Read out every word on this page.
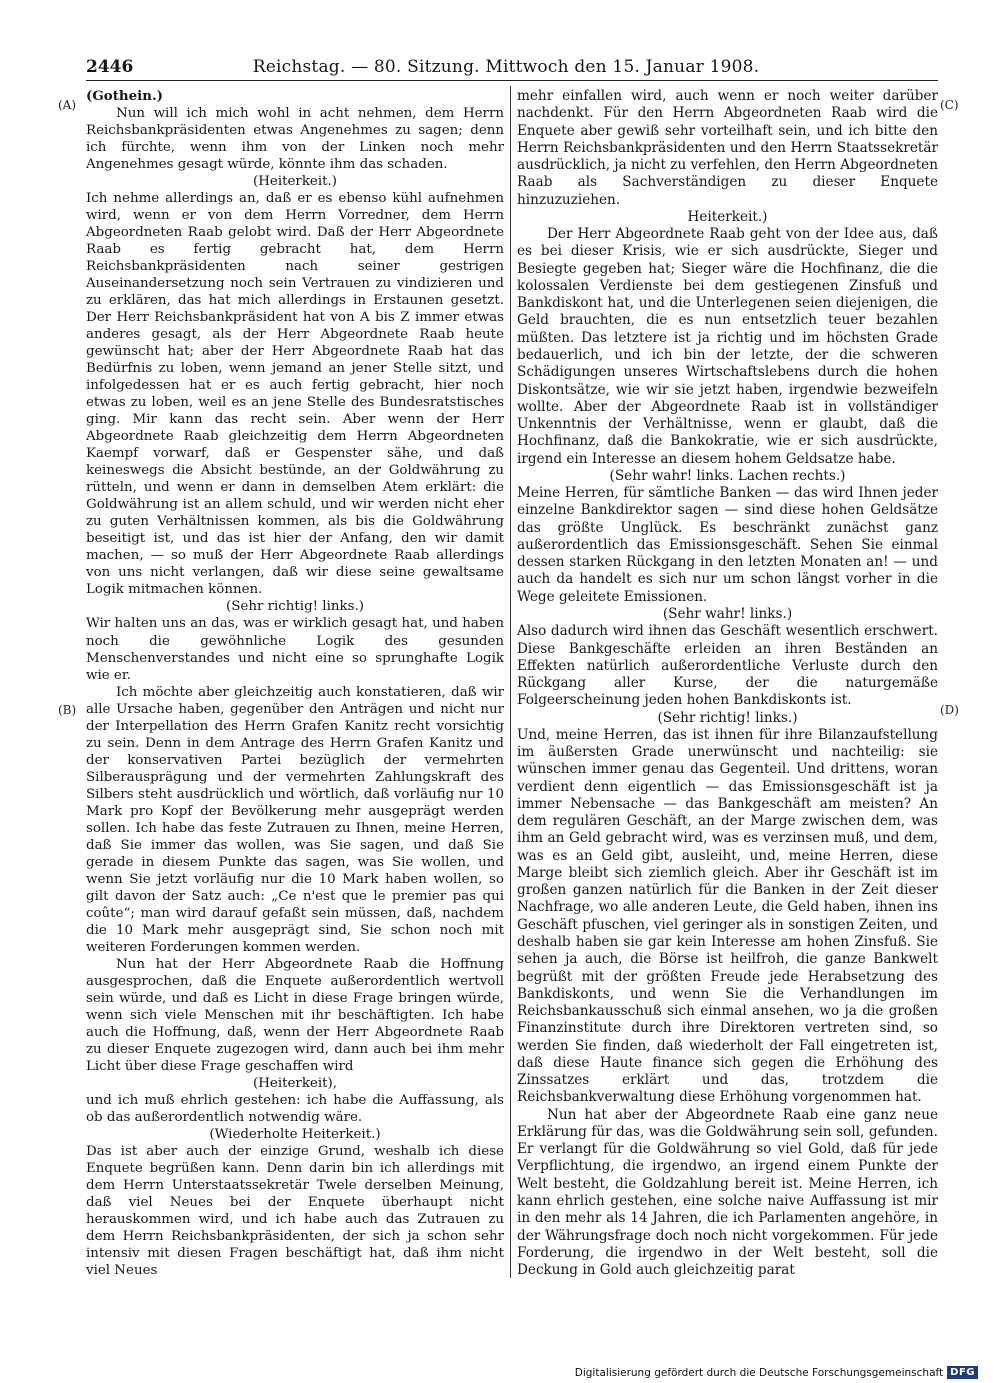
2446	Reichstag. — 80. Sitzung. Mittwoch den 15. Januar 1908.
(A)
(B)
(C)
(D)

(Gothein.)

Nun will ich mich wohl in acht nehmen, dem Herrn Reichsbankpräsidenten etwas Angenehmes zu sagen; denn ich fürchte, wenn ihm von der Linken noch mehr Angenehmes gesagt würde, könnte ihm das schaden.

(Heiterkeit.)

Ich nehme allerdings an, daß er es ebenso kühl aufnehmen wird, wenn er von dem Herrn Vorredner, dem Herrn Abgeordneten Raab gelobt wird. Daß der Herr Abgeordnete Raab es fertig gebracht hat, dem Herrn Reichsbankpräsidenten nach seiner gestrigen Auseinandersetzung noch sein Vertrauen zu vindizieren und zu erklären, das hat mich allerdings in Erstaunen gesetzt. Der Herr Reichsbankpräsident hat von A bis Z immer etwas anderes gesagt, als der Herr Abgeordnete Raab heute gewünscht hat; aber der Herr Abgeordnete Raab hat das Bedürfnis zu loben, wenn jemand an jener Stelle sitzt, und infolgedessen hat er es auch fertig gebracht, hier noch etwas zu loben, weil es an jene Stelle des Bundesratstisches ging. Mir kann das recht sein. Aber wenn der Herr Abgeordnete Raab gleichzeitig dem Herrn Abgeordneten Kaempf vorwarf, daß er Gespenster sähe, und daß keineswegs die Absicht bestünde, an der Goldwährung zu rütteln, und wenn er dann in demselben Atem erklärt: die Goldwährung ist an allem schuld, und wir werden nicht eher zu guten Verhältnissen kommen, als bis die Goldwährung beseitigt ist, und das ist hier der Anfang, den wir damit machen, — so muß der Herr Abgeordnete Raab allerdings von uns nicht verlangen, daß wir diese seine gewaltsame Logik mitmachen können.

(Sehr richtig! links.)

Wir halten uns an das, was er wirklich gesagt hat, und haben noch die gewöhnliche Logik des gesunden Menschenverstandes und nicht eine so sprunghafte Logik wie er.

Ich möchte aber gleichzeitig auch konstatieren, daß wir alle Ursache haben, gegenüber den Anträgen und nicht nur der Interpellation des Herrn Grafen Kanitz recht vorsichtig zu sein. Denn in dem Antrage des Herrn Grafen Kanitz und der konservativen Partei bezüglich der vermehrten Silberausprägung und der vermehrten Zahlungskraft des Silbers steht ausdrücklich und wörtlich, daß vorläufig nur 10 Mark pro Kopf der Bevölkerung mehr ausgeprägt werden sollen. Ich habe das feste Zutrauen zu Ihnen, meine Herren, daß Sie immer das wollen, was Sie sagen, und daß Sie gerade in diesem Punkte das sagen, was Sie wollen, und wenn Sie jetzt vorläufig nur die 10 Mark haben wollen, so gilt davon der Satz auch: „Ce n'est que le premier pas qui coûte“; man wird darauf gefaßt sein müssen, daß, nachdem die 10 Mark mehr ausgeprägt sind, Sie schon noch mit weiteren Forderungen kommen werden.

Nun hat der Herr Abgeordnete Raab die Hoffnung ausgesprochen, daß die Enquete außerordentlich wertvoll sein würde, und daß es Licht in diese Frage bringen würde, wenn sich viele Menschen mit ihr beschäftigten. Ich habe auch die Hoffnung, daß, wenn der Herr Abgeordnete Raab zu dieser Enquete zugezogen wird, dann auch bei ihm mehr Licht über diese Frage geschaffen wird

(Heiterkeit),

und ich muß ehrlich gestehen: ich habe die Auffassung, als ob das außerordentlich notwendig wäre.

(Wiederholte Heiterkeit.)

Das ist aber auch der einzige Grund, weshalb ich diese Enquete begrüßen kann. Denn darin bin ich allerdings mit dem Herrn Unterstaatssekretär Twele derselben Meinung, daß viel Neues bei der Enquete überhaupt nicht herauskommen wird, und ich habe auch das Zutrauen zu dem Herrn Reichsbankpräsidenten, der sich ja schon sehr intensiv mit diesen Fragen beschäftigt hat, daß ihm nicht viel Neues

mehr einfallen wird, auch wenn er noch weiter darüber nachdenkt. Für den Herrn Abgeordneten Raab wird die Enquete aber gewiß sehr vorteilhaft sein, und ich bitte den Herrn Reichsbankpräsidenten und den Herrn Staatssekretär ausdrücklich, ja nicht zu verfehlen, den Herrn Abgeordneten Raab als Sachverständigen zu dieser Enquete hinzuzuziehen.

Heiterkeit.)

Der Herr Abgeordnete Raab geht von der Idee aus, daß es bei dieser Krisis, wie er sich ausdrückte, Sieger und Besiegte gegeben hat; Sieger wäre die Hochfinanz, die die kolossalen Verdienste bei dem gestiegenen Zinsfuß und Bankdiskont hat, und die Unterlegenen seien diejenigen, die Geld brauchten, die es nun entsetzlich teuer bezahlen müßten. Das letztere ist ja richtig und im höchsten Grade bedauerlich, und ich bin der letzte, der die schweren Schädigungen unseres Wirtschaftslebens durch die hohen Diskontsätze, wie wir sie jetzt haben, irgendwie bezweifeln wollte. Aber der Abgeordnete Raab ist in vollständiger Unkenntnis der Verhältnisse, wenn er glaubt, daß die Hochfinanz, daß die Bankokratie, wie er sich ausdrückte, irgend ein Interesse an diesem hohem Geldsatze habe.

(Sehr wahr! links. Lachen rechts.)

Meine Herren, für sämtliche Banken — das wird Ihnen jeder einzelne Bankdirektor sagen — sind diese hohen Geldsätze das größte Unglück. Es beschränkt zunächst ganz außerordentlich das Emissionsgeschäft. Sehen Sie einmal dessen starken Rückgang in den letzten Monaten an! — und auch da handelt es sich nur um schon längst vorher in die Wege geleitete Emissionen.

(Sehr wahr! links.)

Also dadurch wird ihnen das Geschäft wesentlich erschwert. Diese Bankgeschäfte erleiden an ihren Beständen an Effekten natürlich außerordentliche Verluste durch den Rückgang aller Kurse, der die naturgemäße Folgeerscheinung jeden hohen Bankdiskonts ist.

(Sehr richtig! links.)

Und, meine Herren, das ist ihnen für ihre Bilanzaufstellung im äußersten Grade unerwünscht und nachteilig: sie wünschen immer genau das Gegenteil. Und drittens, woran verdient denn eigentlich — das Emissionsgeschäft ist ja immer Nebensache — das Bankgeschäft am meisten? An dem regulären Geschäft, an der Marge zwischen dem, was ihm an Geld gebracht wird, was es verzinsen muß, und dem, was es an Geld gibt, ausleiht, und, meine Herren, diese Marge bleibt sich ziemlich gleich. Aber ihr Geschäft ist im großen ganzen natürlich für die Banken in der Zeit dieser Nachfrage, wo alle anderen Leute, die Geld haben, ihnen ins Geschäft pfuschen, viel geringer als in sonstigen Zeiten, und deshalb haben sie gar kein Interesse am hohen Zinsfuß. Sie sehen ja auch, die Börse ist heilfroh, die ganze Bankwelt begrüßt mit der größten Freude jede Herabsetzung des Bankdiskonts, und wenn Sie die Verhandlungen im Reichsbankausschuß sich einmal ansehen, wo ja die großen Finanzinstitute durch ihre Direktoren vertreten sind, so werden Sie finden, daß wiederholt der Fall eingetreten ist, daß diese Haute finance sich gegen die Erhöhung des Zinssatzes erklärt und das, trotzdem die Reichsbankverwaltung diese Erhöhung vorgenommen hat.

Nun hat aber der Abgeordnete Raab eine ganz neue Erklärung für das, was die Goldwährung sein soll, gefunden. Er verlangt für die Goldwährung so viel Gold, daß für jede Verpflichtung, die irgendwo, an irgend einem Punkte der Welt besteht, die Goldzahlung bereit ist. Meine Herren, ich kann ehrlich gestehen, eine solche naive Auffassung ist mir in den mehr als 14 Jahren, die ich Parlamenten angehöre, in der Währungsfrage doch noch nicht vorgekommen. Für jede Forderung, die irgendwo in der Welt besteht, soll die Deckung in Gold auch gleichzeitig parat

Digitalisierung gefördert durch die Deutsche Forschungsgemeinschaft DFG
